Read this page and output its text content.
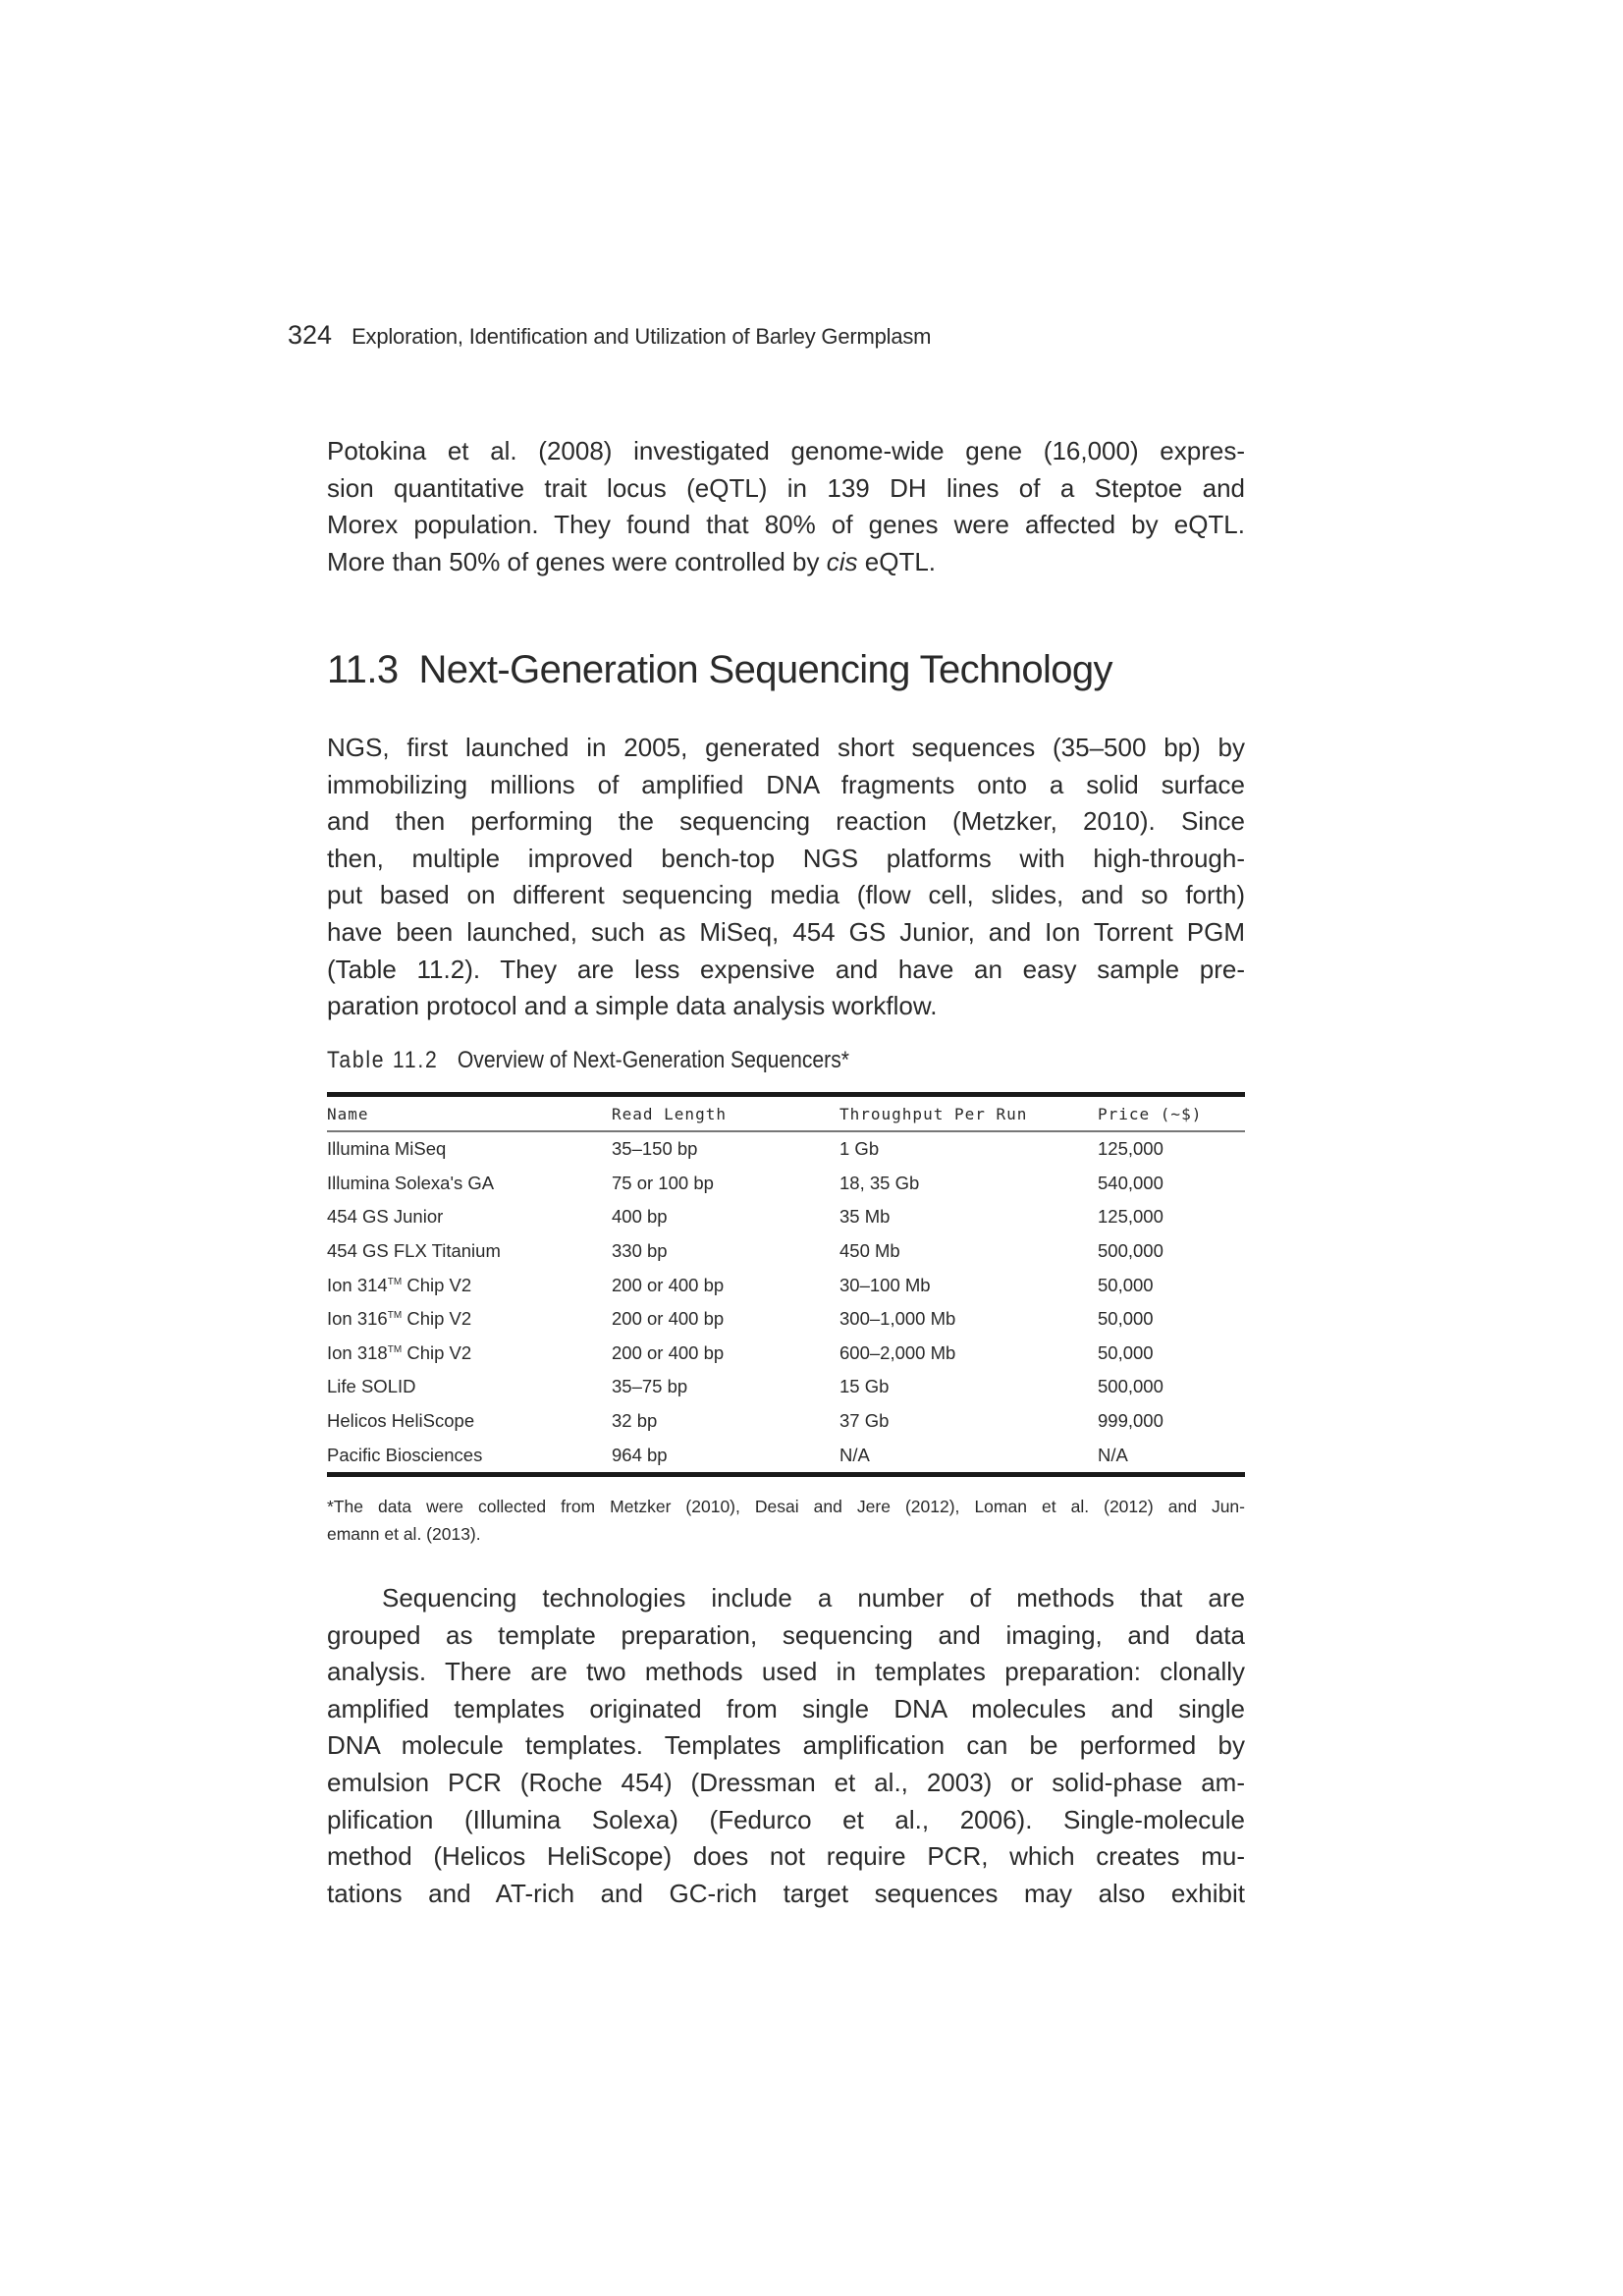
324 Exploration, Identification and Utilization of Barley Germplasm
Potokina et al. (2008) investigated genome-wide gene (16,000) expres-
sion quantitative trait locus (eQTL) in 139 DH lines of a Steptoe and
Morex population. They found that 80% of genes were affected by eQTL.
More than 50% of genes were controlled by cis eQTL.
11.3 Next-Generation Sequencing Technology
NGS, first launched in 2005, generated short sequences (35–500 bp) by
immobilizing millions of amplified DNA fragments onto a solid surface
and then performing the sequencing reaction (Metzker, 2010). Since
then, multiple improved bench-top NGS platforms with high-through-
put based on different sequencing media (flow cell, slides, and so forth)
have been launched, such as MiSeq, 454 GS Junior, and Ion Torrent PGM
(Table 11.2). They are less expensive and have an easy sample pre-
paration protocol and a simple data analysis workflow.
Table 11.2 Overview of Next-Generation Sequencers*
Name	Read Length	Throughput Per Run	Price (~$)
Illumina MiSeq	35–150 bp	1 Gb	125,000
Illumina Solexa's GA	75 or 100 bp	18, 35 Gb	540,000
454 GS Junior	400 bp	35 Mb	125,000
454 GS FLX Titanium	330 bp	450 Mb	500,000
Ion 314™ Chip V2	200 or 400 bp	30–100 Mb	50,000
Ion 316™ Chip V2	200 or 400 bp	300–1,000 Mb	50,000
Ion 318™ Chip V2	200 or 400 bp	600–2,000 Mb	50,000
Life SOLID	35–75 bp	15 Gb	500,000
Helicos HeliScope	32 bp	37 Gb	999,000
Pacific Biosciences	964 bp	N/A	N/A
*The data were collected from Metzker (2010), Desai and Jere (2012), Loman et al. (2012) and Jun-
emann et al. (2013).
Sequencing technologies include a number of methods that are
grouped as template preparation, sequencing and imaging, and data
analysis. There are two methods used in templates preparation: clonally
amplified templates originated from single DNA molecules and single
DNA molecule templates. Templates amplification can be performed by
emulsion PCR (Roche 454) (Dressman et al., 2003) or solid-phase am-
plification (Illumina Solexa) (Fedurco et al., 2006). Single-molecule
method (Helicos HeliScope) does not require PCR, which creates mu-
tations and AT-rich and GC-rich target sequences may also exhibit
